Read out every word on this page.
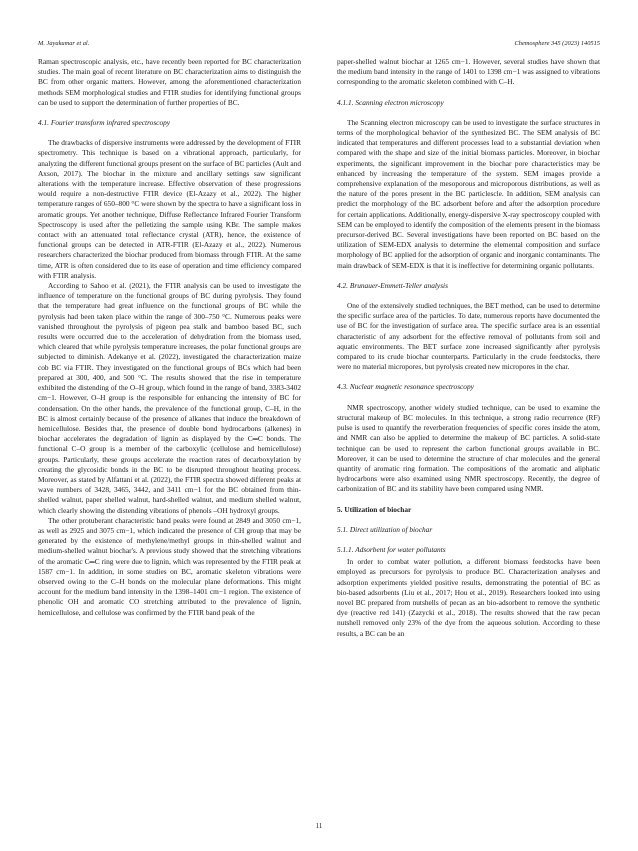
M. Jayakumar et al.	Chemosphere 345 (2023) 140515

Raman spectroscopic analysis, etc., have recently been reported for BC characterization studies. The main goal of recent literature on BC characterization aims to distinguish the BC from other organic matters. However, among the aforementioned characterization methods SEM morphological studies and FTIR studies for identifying functional groups can be used to support the determination of further properties of BC.

4.1. Fourier transform infrared spectroscopy

The drawbacks of dispersive instruments were addressed by the development of FTIR spectrometry. This technique is based on a vibrational approach, particularly, for analyzing the different functional groups present on the surface of BC particles (Ault and Axson, 2017). The biochar in the mixture and ancillary settings saw significant alterations with the temperature increase. Effective observation of these progressions would require a non-destructive FTIR device (El-Azazy et al., 2022). The higher temperature ranges of 650–800 °C were shown by the spectra to have a significant loss in aromatic groups. Yet another technique, Diffuse Reflectance Infrared Fourier Transform Spectroscopy is used after the pelletizing the sample using KBr. The sample makes contact with an attenuated total reflectance crystal (ATR), hence, the existence of functional groups can be detected in ATR-FTIR (El-Azazy et al., 2022). Numerous researchers characterized the biochar produced from biomass through FTIR. At the same time, ATR is often considered due to its ease of operation and time efficiency compared with FTIR analysis.

According to Sahoo et al. (2021), the FTIR analysis can be used to investigate the influence of temperature on the functional groups of BC during pyrolysis. They found that the temperature had great influence on the functional groups of BC while the pyrolysis had been taken place within the range of 300–750 °C. Numerous peaks were vanished throughout the pyrolysis of pigeon pea stalk and bamboo based BC, such results were occurred due to the acceleration of dehydration from the biomass used, which cleared that while pyrolysis temperature increases, the polar functional groups are subjected to diminish. Adekanye et al. (2022), investigated the characterization maize cob BC via FTIR. They investigated on the functional groups of BCs which had been prepared at 300, 400, and 500 °C. The results showed that the rise in temperature exhibited the distending of the O–H group, which found in the range of band, 3383-3402 cm−1. However, O–H group is the responsible for enhancing the intensity of BC for condensation. On the other hands, the prevalence of the functional group, C–H, in the BC is almost certainly because of the presence of alkanes that induce the breakdown of hemicellulose. Besides that, the presence of double bond hydrocarbons (alkenes) in biochar accelerates the degradation of lignin as displayed by the C═C bonds. The functional C–O group is a member of the carboxylic (cellulose and hemicellulose) groups. Particularly, these groups accelerate the reaction rates of decarboxylation by creating the glycosidic bonds in the BC to be disrupted throughout heating process. Moreover, as stated by Alfattani et al. (2022), the FTIR spectra showed different peaks at wave numbers of 3428, 3465, 3442, and 3411 cm−1 for the BC obtained from thin-shelled walnut, paper shelled walnut, hard-shelled walnut, and medium shelled walnut, which clearly showing the distending vibrations of phenols –OH hydroxyl groups.

The other protuberant characteristic band peaks were found at 2849 and 3050 cm−1, as well as 2925 and 3075 cm−1, which indicated the presence of CH group that may be generated by the existence of methylene/methyl groups in thin-shelled walnut and medium-shelled walnut biochar's. A previous study showed that the stretching vibrations of the aromatic C═C ring were due to lignin, which was represented by the FTIR peak at 1587 cm−1. In addition, in some studies on BC, aromatic skeleton vibrations were observed owing to the C–H bonds on the molecular plane deformations. This might account for the medium band intensity in the 1398–1401 cm−1 region. The existence of phenolic OH and aromatic CO stretching attributed to the prevalence of lignin, hemicellulose, and cellulose was confirmed by the FTIR band peak of the

paper-shelled walnut biochar at 1265 cm−1. However, several studies have shown that the medium band intensity in the range of 1401 to 1398 cm−1 was assigned to vibrations corresponding to the aromatic skeleton combined with C–H.

4.1.1. Scanning electron microscopy

The Scanning electron microscopy can be used to investigate the surface structures in terms of the morphological behavior of the synthesized BC. The SEM analysis of BC indicated that temperatures and different processes lead to a substantial deviation when compared with the shape and size of the initial biomass particles. Moreover, in biochar experiments, the significant improvement in the biochar pore characteristics may be enhanced by increasing the temperature of the system. SEM images provide a comprehensive explanation of the mesoporous and microporous distributions, as well as the nature of the pores present in the BC particlescle. In addition, SEM analysis can predict the morphology of the BC adsorbent before and after the adsorption procedure for certain applications. Additionally, energy-dispersive X-ray spectroscopy coupled with SEM can be employed to identify the composition of the elements present in the biomass precursor-derived BC. Several investigations have been reported on BC based on the utilization of SEM-EDX analysis to determine the elemental composition and surface morphology of BC applied for the adsorption of organic and inorganic contaminants. The main drawback of SEM-EDX is that it is ineffective for determining organic pollutants.

4.2. Brunauer-Emmett-Teller analysis

One of the extensively studied techniques, the BET method, can be used to determine the specific surface area of the particles. To date, numerous reports have documented the use of BC for the investigation of surface area. The specific surface area is an essential characteristic of any adsorbent for the effective removal of pollutants from soil and aquatic environments. The BET surface zone increased significantly after pyrolysis compared to its crude biochar counterparts. Particularly in the crude feedstocks, there were no material micropores, but pyrolysis created new micropores in the char.

4.3. Nuclear magnetic resonance spectroscopy

NMR spectroscopy, another widely studied technique, can be used to examine the structural makeup of BC molecules. In this technique, a strong radio recurrence (RF) pulse is used to quantify the reverberation frequencies of specific cores inside the atom, and NMR can also be applied to determine the makeup of BC particles. A solid-state technique can be used to represent the carbon functional groups available in BC. Moreover, it can be used to determine the structure of char molecules and the general quantity of aromatic ring formation. The compositions of the aromatic and aliphatic hydrocarbons were also examined using NMR spectroscopy. Recently, the degree of carbonization of BC and its stability have been compared using NMR.

5. Utilization of biochar
5.1. Direct utilization of biochar
5.1.1. Adsorbent for water pollutants

In order to combat water pollution, a different biomass feedstocks have been employed as precursors for pyrolysis to produce BC. Characterization analyses and adsorption experiments yielded positive results, demonstrating the potential of BC as bio-based adsorbents (Liu et al., 2017; Hou et al., 2019). Researchers looked into using novel BC prepared from nutshells of pecan as an bio-adsorbent to remove the synthetic dye (reactive red 141) (Zazycki et al., 2018). The results showed that the raw pecan nutshell removed only 23% of the dye from the aqueous solution. According to these results, a BC can be an

11
